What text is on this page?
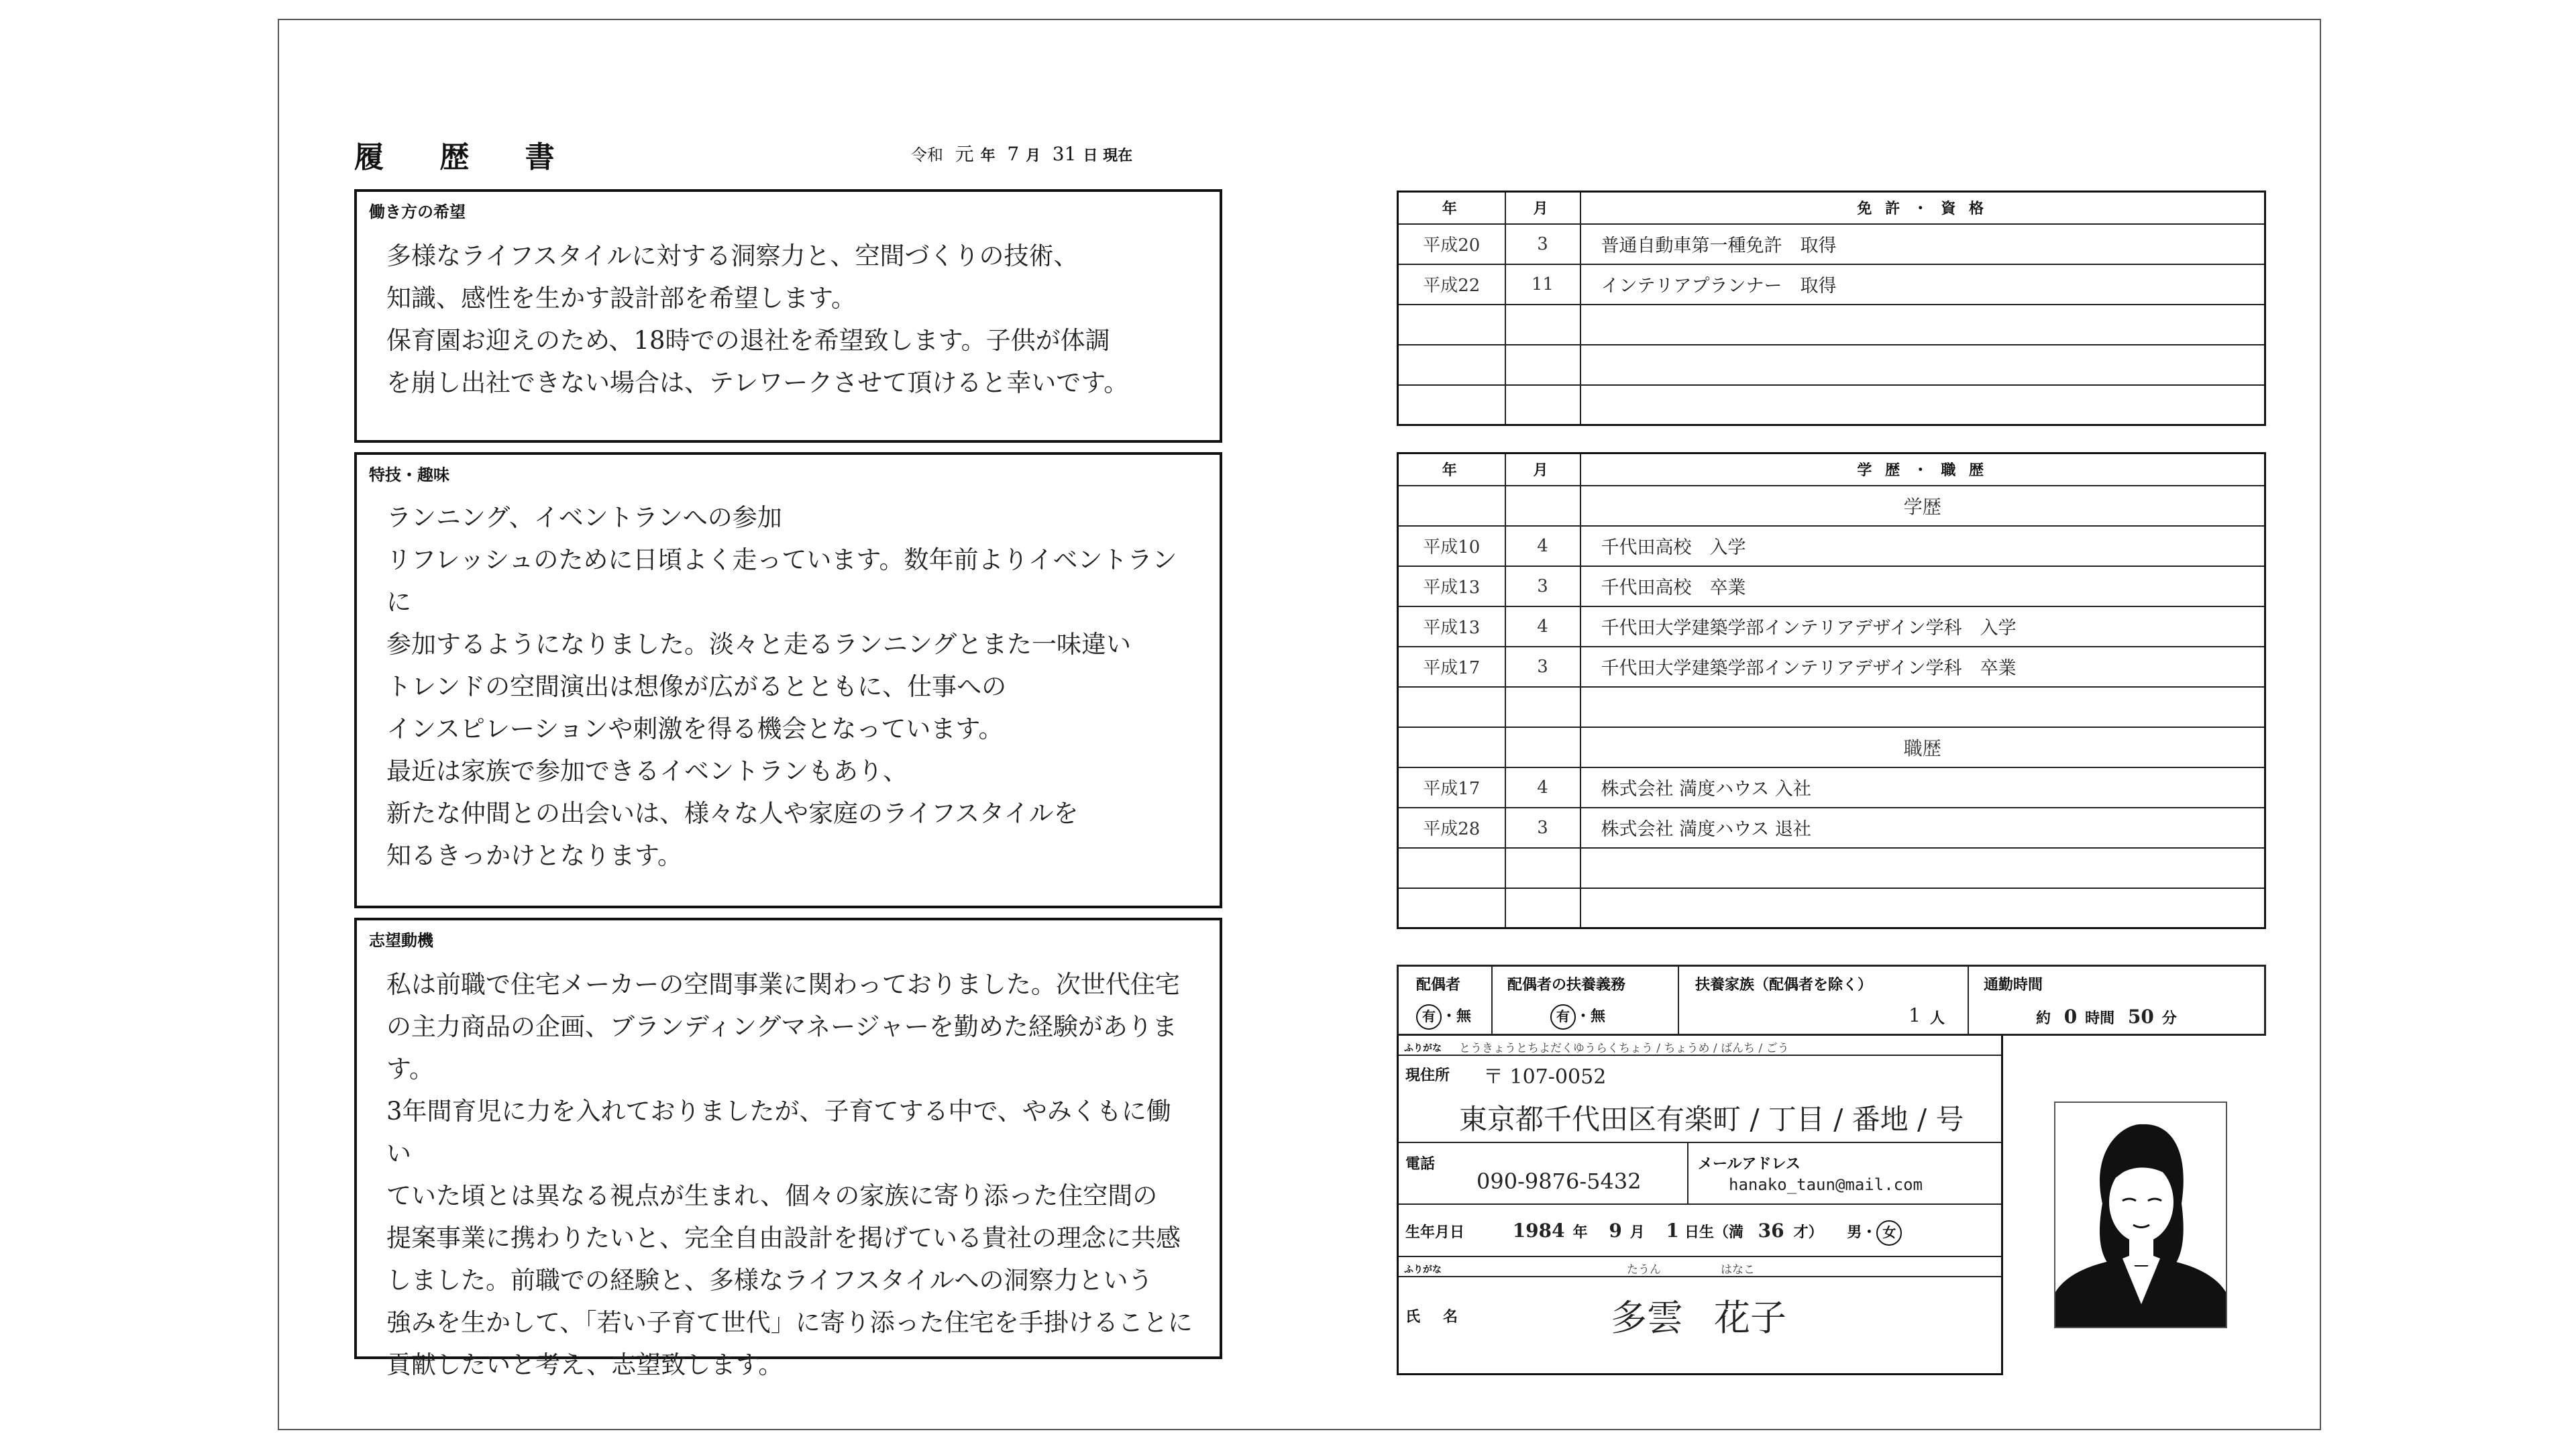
履 歴 書	令和 元 年 7 月 31 日 現在
働き方の希望
多様なライフスタイルに対する洞察力と、空間づくりの技術、
知識、感性を生かす設計部を希望します。
保育園お迎えのため、18時での退社を希望致します。子供が体調
を崩し出社できない場合は、テレワークさせて頂けると幸いです。
特技・趣味
ランニング、イベントランへの参加
リフレッシュのために日頃よく走っています。数年前よりイベントランに
参加するようになりました。淡々と走るランニングとまた一味違い
トレンドの空間演出は想像が広がるとともに、仕事への
インスピレーションや刺激を得る機会となっています。
最近は家族で参加できるイベントランもあり、
新たな仲間との出会いは、様々な人や家庭のライフスタイルを
知るきっかけとなります。
志望動機
私は前職で住宅メーカーの空間事業に関わっておりました。次世代住宅
の主力商品の企画、ブランディングマネージャーを勤めた経験があります。
3年間育児に力を入れておりましたが、子育てする中で、やみくもに働い
ていた頃とは異なる視点が生まれ、個々の家族に寄り添った住空間の
提案事業に携わりたいと、完全自由設計を掲げている貴社の理念に共感
しました。前職での経験と、多様なライフスタイルへの洞察力という
強みを生かして、「若い子育て世代」に寄り添った住宅を手掛けることに
貢献したいと考え、志望致します。
年	月	免 許 ・ 資 格
平成20	3	普通自動車第一種免許　取得
平成22	11	インテリアプランナー　取得

年	月	学 歴 ・ 職 歴
		学歴
平成10	4	千代田高校　入学
平成13	3	千代田高校　卒業
平成13	4	千代田大学建築学部インテリアデザイン学科　入学
平成17	3	千代田大学建築学部インテリアデザイン学科　卒業

		職歴
平成17	4	株式会社 満度ハウス 入社
平成28	3	株式会社 満度ハウス 退社

配偶者
有 ・無
配偶者の扶養義務
有 ・無
扶養家族（配偶者を除く）
1 人
通勤時間
約 0 時間 50 分
ふりがな とうきょうとちよだくゆうらくちょう / ちょうめ / ばんち / ごう
現住所 〒 107-0052
東京都千代田区有楽町 / 丁目 / 番地 / 号
電話
090-9876-5432
メールアドレス
hanako_taun@mail.com
生年月日	1984 年 9 月 1 日生（満 36 才） 男・ 女
ふりがな	たうん	はなこ
氏　名	多雲 花子
